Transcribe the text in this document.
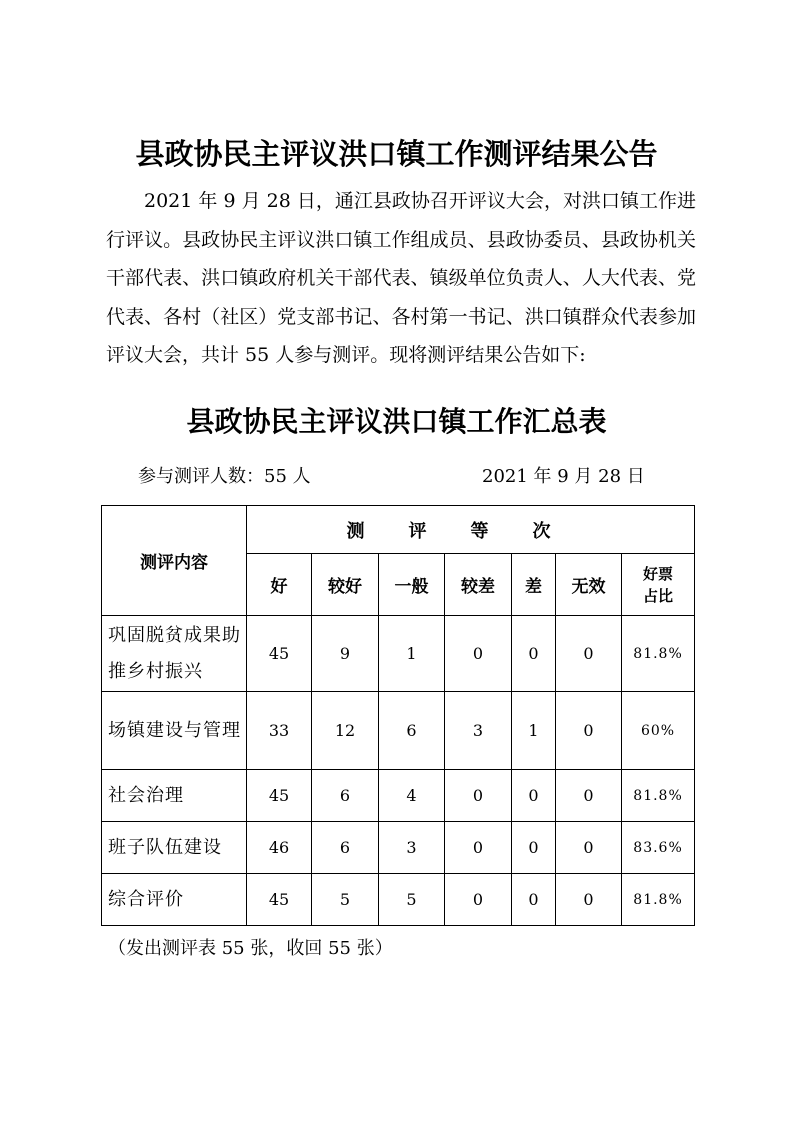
县政协民主评议洪口镇工作测评结果公告
2021 年 9 月 28 日，通江县政协召开评议大会，对洪口镇工作进行评议。县政协民主评议洪口镇工作组成员、县政协委员、县政协机关干部代表、洪口镇政府机关干部代表、镇级单位负责人、人大代表、党代表、各村（社区）党支部书记、各村第一书记、洪口镇群众代表参加评议大会，共计 55 人参与测评。现将测评结果公告如下:
县政协民主评议洪口镇工作汇总表
参与测评人数：55 人	2021 年 9 月 28 日
测评内容	测评等次						
	好	较好	一般	较差	差	无效	好票
占比

巩固脱贫成果助推乡村振兴	45	9	1	0	0	0	81.8%
场镇建设与管理	33	12	6	3	1	0	60%
社会治理	45	6	4	0	0	0	81.8%
班子队伍建设	46	6	3	0	0	0	83.6%
综合评价	45	5	5	0	0	0	81.8%
（发出测评表 55 张，收回 55 张）
